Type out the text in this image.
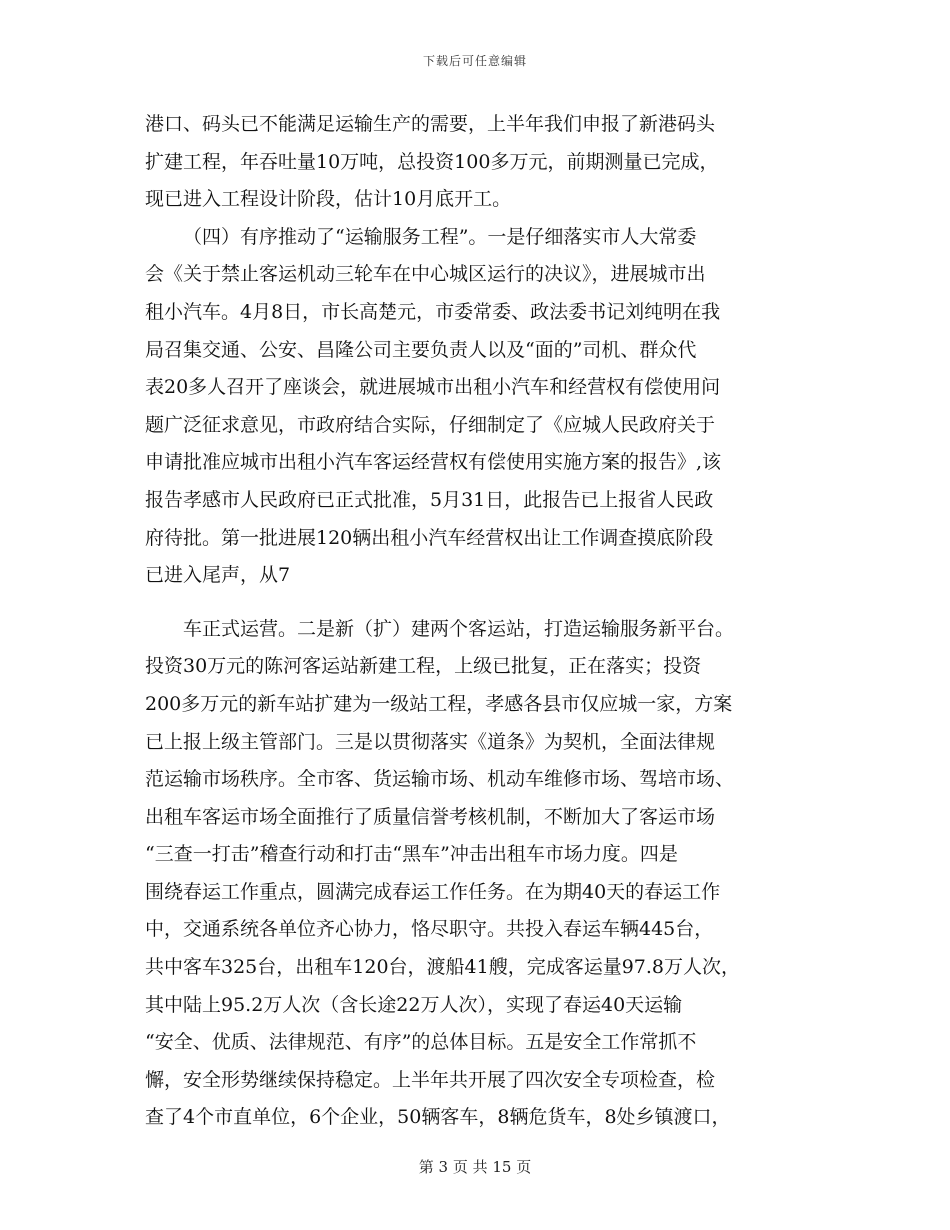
下载后可任意编辑
港口、码头已不能满足运输生产的需要，上半年我们申报了新港码头
扩建工程，年吞吐量10万吨，总投资100多万元，前期测量已完成，
现已进入工程设计阶段，估计10月底开工。
（四）有序推动了“运输服务工程”。一是仔细落实市人大常委
会《关于禁止客运机动三轮车在中心城区运行的决议》，进展城市出
租小汽车。4月8日，市长高楚元，市委常委、政法委书记刘纯明在我
局召集交通、公安、昌隆公司主要负责人以及“面的”司机、群众代
表20多人召开了座谈会，就进展城市出租小汽车和经营权有偿使用问
题广泛征求意见，市政府结合实际，仔细制定了《应城人民政府关于
申请批准应城市出租小汽车客运经营权有偿使用实施方案的报告》,该
报告孝感市人民政府已正式批准，5月31日，此报告已上报省人民政
府待批。第一批进展120辆出租小汽车经营权出让工作调查摸底阶段
已进入尾声，从7
车正式运营。二是新（扩）建两个客运站，打造运输服务新平台。
投资30万元的陈河客运站新建工程，上级已批复，正在落实；投资
200多万元的新车站扩建为一级站工程，孝感各县市仅应城一家，方案
已上报上级主管部门。三是以贯彻落实《道条》为契机，全面法律规
范运输市场秩序。全市客、货运输市场、机动车维修市场、驾培市场、
出租车客运市场全面推行了质量信誉考核机制，不断加大了客运市场
“三查一打击”稽查行动和打击“黑车”冲击出租车市场力度。四是
围绕春运工作重点，圆满完成春运工作任务。在为期40天的春运工作
中，交通系统各单位齐心协力，恪尽职守。共投入春运车辆445台，
共中客车325台，出租车120台，渡船41艘，完成客运量97.8万人次，
其中陆上95.2万人次（含长途22万人次），实现了春运40天运输
“安全、优质、法律规范、有序”的总体目标。五是安全工作常抓不
懈，安全形势继续保持稳定。上半年共开展了四次安全专项检查，检
查了4个市直单位，6个企业，50辆客车，8辆危货车，8处乡镇渡口，
第 3 页 共 15 页
